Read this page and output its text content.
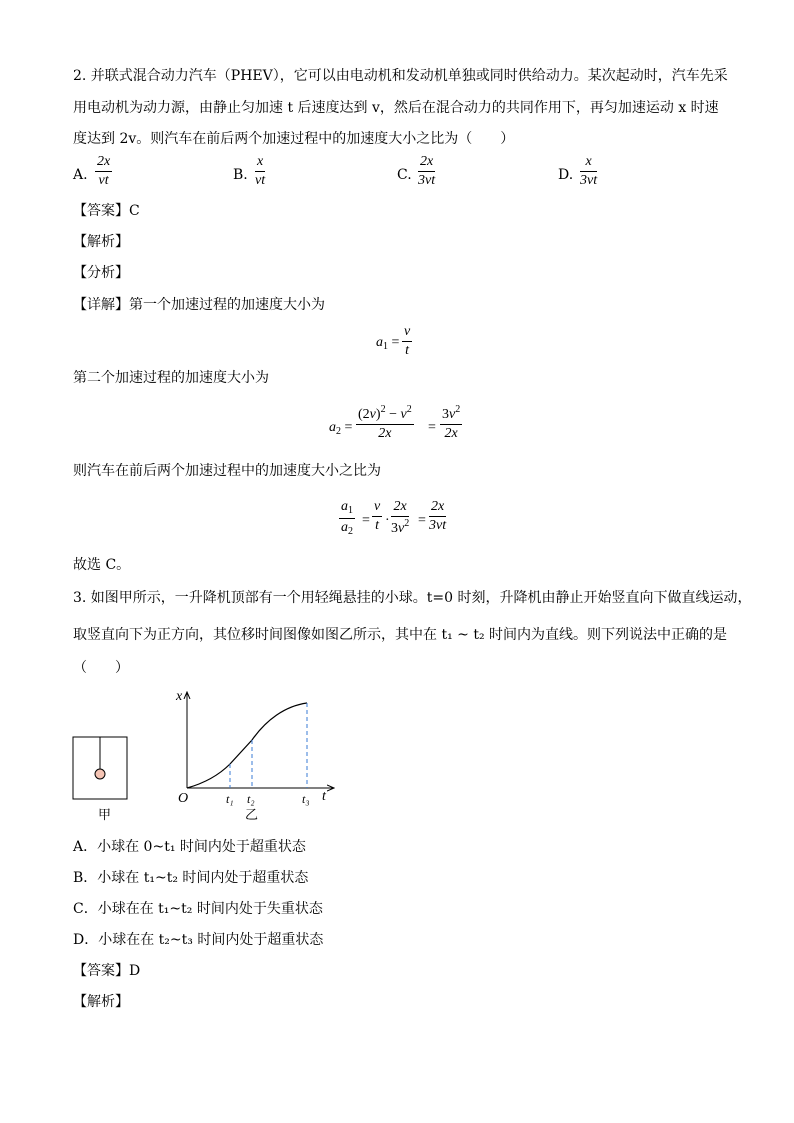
2. 并联式混合动力汽车（PHEV），它可以由电动机和发动机单独或同时供给动力。某次起动时，汽车先采
用电动机为动力源，由静止匀加速 t 后速度达到 v，然后在混合动力的共同作用下，再匀加速运动 x 时速
度达到 2v。则汽车在前后两个加速过程中的加速度大小之比为（　　）
A.
2x
vt	B.
x
vt	C.
2x
3vt	D.
x
3vt
【答案】C
【解析】
【分析】
【详解】第一个加速过程的加速度大小为
$a_1$ =
v
t
第二个加速过程的加速度大小为
$a_2$ =
$(2v)^2 - v^2$
2x	=
$3v^2$
2x
则汽车在前后两个加速过程中的加速度大小之比为
$a_1$
$a_2$
=
v
t ·
2x
$3v^2$ =
2x
3vt
故选 C。
3. 如图甲所示，一升降机顶部有一个用轻绳悬挂的小球。t=0 时刻，升降机由静止开始竖直向下做直线运动，
取竖直向下为正方向，其位移时间图像如图乙所示，其中在 t₁ ~ t₂ 时间内为直线。则下列说法中正确的是
（　　）
甲
x
t
O	t₁ t₂	t₃
乙
A．小球在 0~t₁ 时间内处于超重状态
B．小球在 t₁~t₂ 时间内处于超重状态
C．小球在在 t₁~t₂ 时间内处于失重状态
D．小球在在 t₂~t₃ 时间内处于超重状态
【答案】D
【解析】
